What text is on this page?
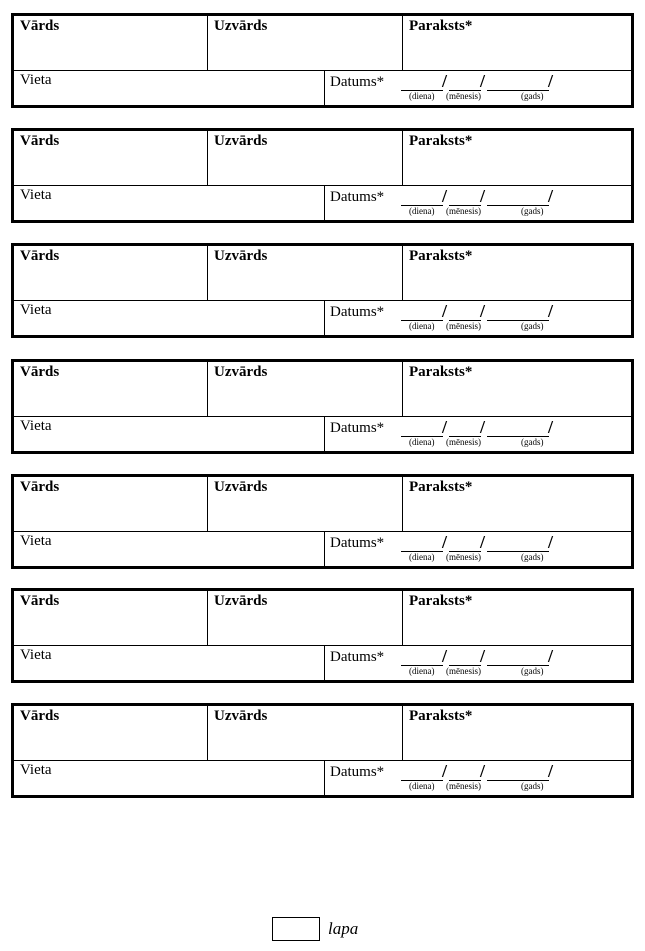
Vārds	Uzvārds	Paraksts*
Vieta	Datums*	/ /	/
(diena) (mēnesis)	(gads)
Vārds	Uzvārds	Paraksts*
Vieta	Datums*	/ /	/
(diena) (mēnesis)	(gads)
Vārds	Uzvārds	Paraksts*
Vieta	Datums*	/ /	/
(diena) (mēnesis)	(gads)
Vārds	Uzvārds	Paraksts*
Vieta	Datums*	/ /	/
(diena) (mēnesis)	(gads)
Vārds	Uzvārds	Paraksts*
Vieta	Datums*	/ /	/
(diena) (mēnesis)	(gads)
Vārds	Uzvārds	Paraksts*
Vieta	Datums*	/ /	/
(diena) (mēnesis)	(gads)
Vārds	Uzvārds	Paraksts*
Vieta	Datums*	/ /	/
(diena) (mēnesis)	(gads)
lapa
